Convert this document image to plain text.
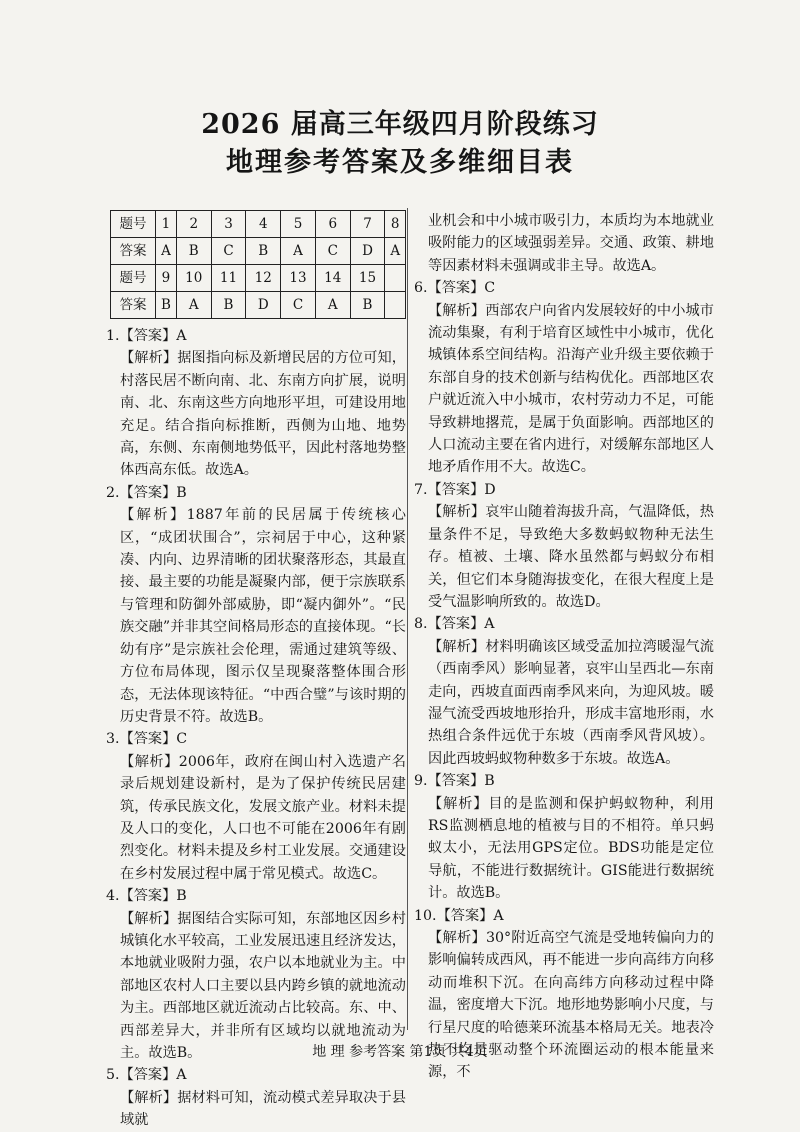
2026 届高三年级四月阶段练习
地理参考答案及多维细目表
题号	1	2	3	4	5	6	7	8
答案	A	B	C	B	A	C	D	A
题号	9	10	11	12	13	14	15	
答案	B	A	B	D	C	A	B	

1.【答案】A

【解析】据图指向标及新增民居的方位可知，村落民居不断向南、北、东南方向扩展，说明南、北、东南这些方向地形平坦，可建设用地充足。结合指向标推断，西侧为山地、地势高，东侧、东南侧地势低平，因此村落地势整体西高东低。故选A。

2.【答案】B

【解析】1887年前的民居属于传统核心区，“成团状围合”，宗祠居于中心，这种紧凑、内向、边界清晰的团状聚落形态，其最直接、最主要的功能是凝聚内部，便于宗族联系与管理和防御外部威胁，即“凝内御外”。“民族交融”并非其空间格局形态的直接体现。“长幼有序”是宗族社会伦理，需通过建筑等级、方位布局体现，图示仅呈现聚落整体围合形态，无法体现该特征。“中西合璧”与该时期的历史背景不符。故选B。

3.【答案】C

【解析】2006年，政府在闽山村入选遗产名录后规划建设新村，是为了保护传统民居建筑，传承民族文化，发展文旅产业。材料未提及人口的变化，人口也不可能在2006年有剧烈变化。材料未提及乡村工业发展。交通建设在乡村发展过程中属于常见模式。故选C。

4.【答案】B

【解析】据图结合实际可知，东部地区因乡村城镇化水平较高，工业发展迅速且经济发达，本地就业吸附力强，农户以本地就业为主。中部地区农村人口主要以县内跨乡镇的就地流动为主。西部地区就近流动占比较高。东、中、西部差异大，并非所有区域均以就地流动为主。故选B。

5.【答案】A

【解析】据材料可知，流动模式差异取决于县域就

业机会和中小城市吸引力，本质均为本地就业吸附能力的区域强弱差异。交通、政策、耕地等因素材料未强调或非主导。故选A。

6.【答案】C

【解析】西部农户向省内发展较好的中小城市流动集聚，有利于培育区域性中小城市，优化城镇体系空间结构。沿海产业升级主要依赖于东部自身的技术创新与结构优化。西部地区农户就近流入中小城市，农村劳动力不足，可能导致耕地撂荒，是属于负面影响。西部地区的人口流动主要在省内进行，对缓解东部地区人地矛盾作用不大。故选C。

7.【答案】D

【解析】哀牢山随着海拔升高，气温降低，热量条件不足，导致绝大多数蚂蚁物种无法生存。植被、土壤、降水虽然都与蚂蚁分布相关，但它们本身随海拔变化，在很大程度上是受气温影响所致的。故选D。

8.【答案】A

【解析】材料明确该区域受孟加拉湾暖湿气流（西南季风）影响显著，哀牢山呈西北—东南走向，西坡直面西南季风来向，为迎风坡。暖湿气流受西坡地形抬升，形成丰富地形雨，水热组合条件远优于东坡（西南季风背风坡）。因此西坡蚂蚁物种数多于东坡。故选A。

9.【答案】B

【解析】目的是监测和保护蚂蚁物种，利用RS监测栖息地的植被与目的不相符。单只蚂蚁太小，无法用GPS定位。BDS功能是定位导航，不能进行数据统计。GIS能进行数据统计。故选B。

10.【答案】A

【解析】30°附近高空气流是受地转偏向力的影响偏转成西风，再不能进一步向高纬方向移动而堆积下沉。在向高纬方向移动过程中降温，密度增大下沉。地形地势影响小尺度，与行星尺度的哈德莱环流基本格局无关。地表冷热不均是驱动整个环流圈运动的根本能量来源，不

地 理 参考答案 第1页 共4页
